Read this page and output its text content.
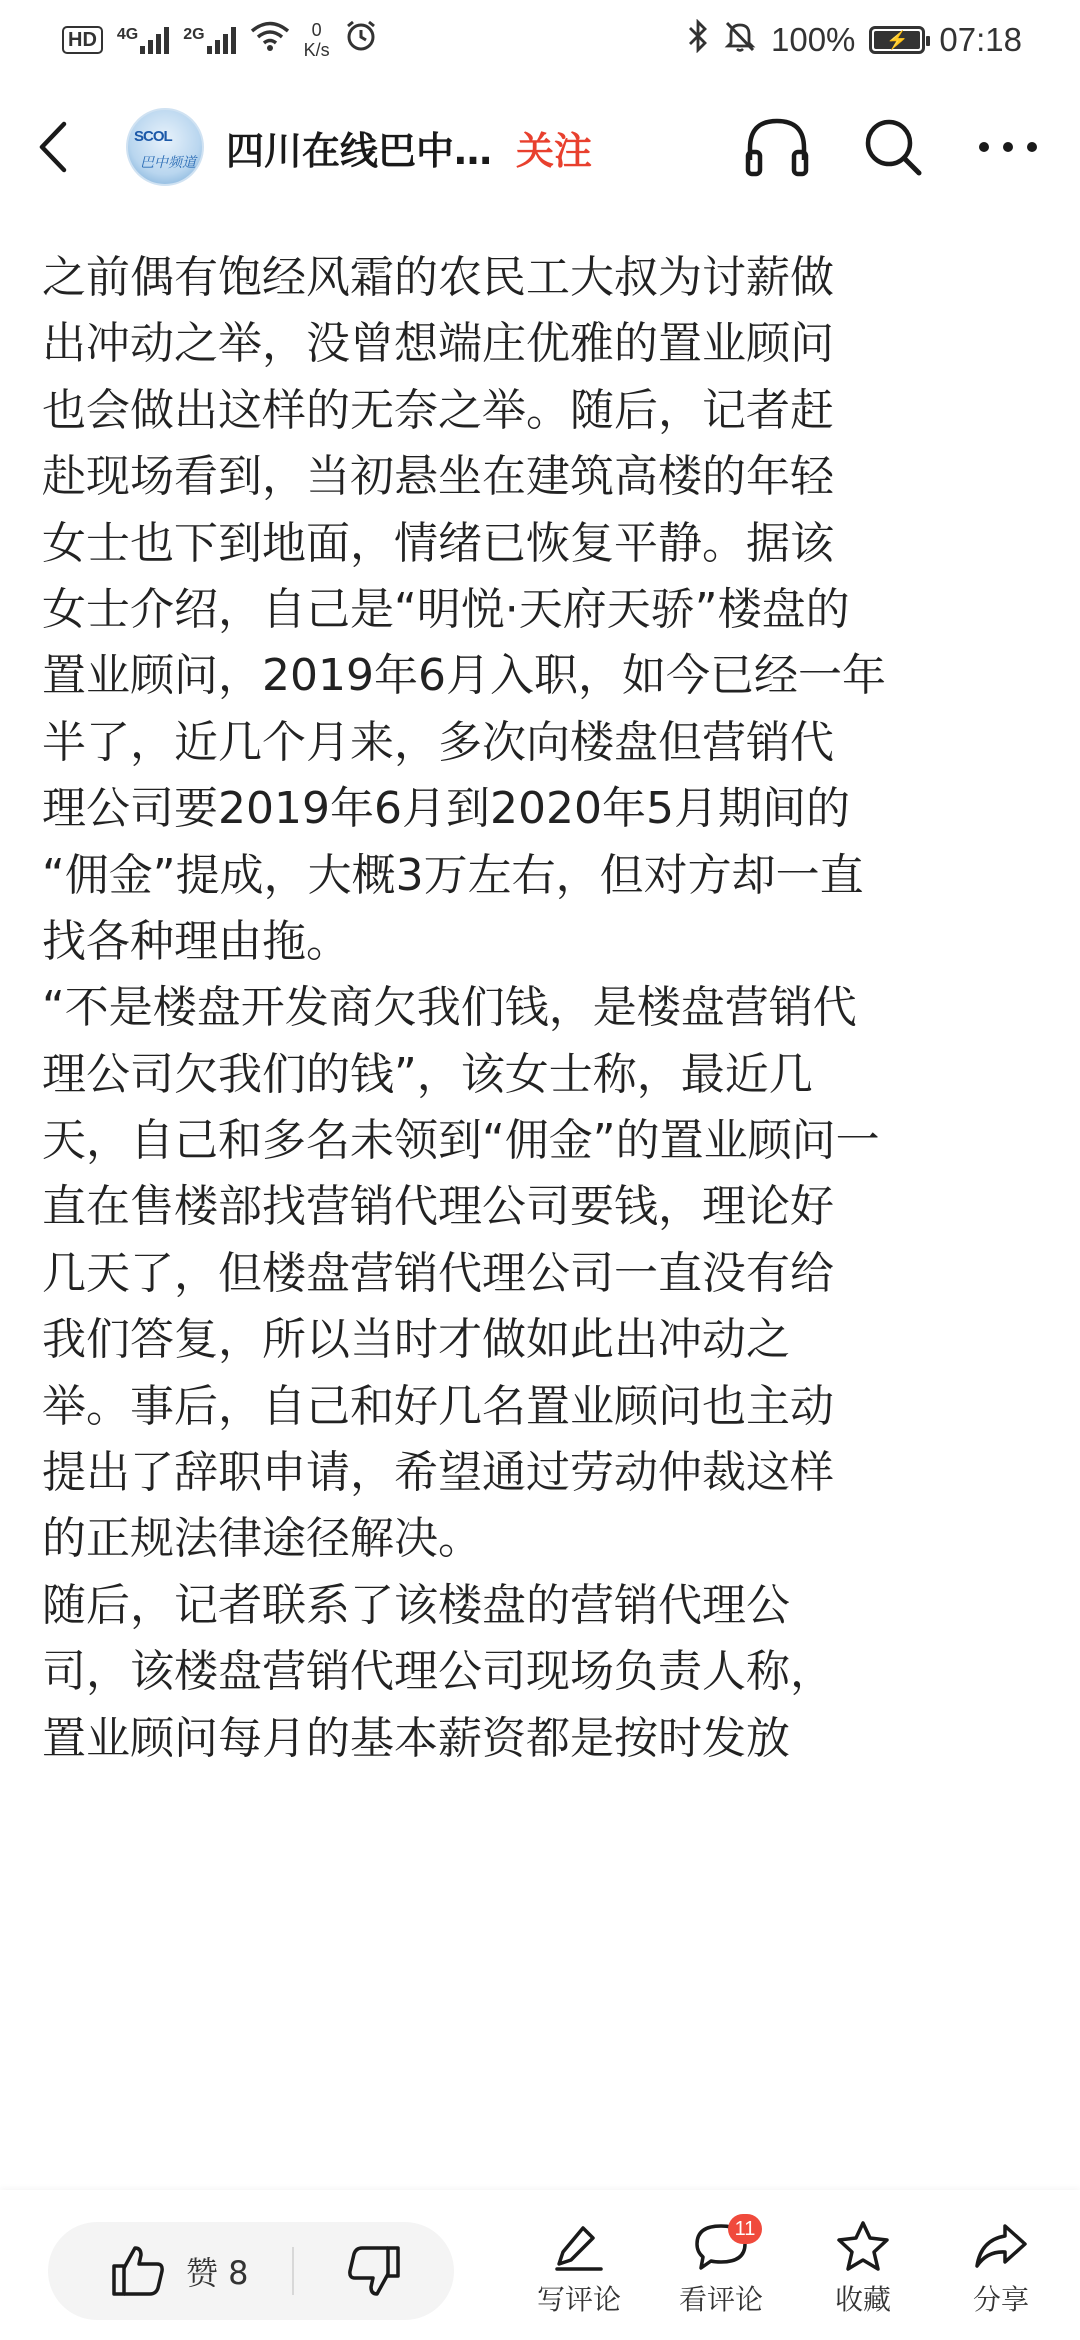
HD	4G	2G	0
K/s	100% ⚡ 07:18
SCOL
巴中频道 四川在线巴中… 关注
之前偶有饱经风霜的农民工大叔为讨薪做
出冲动之举，没曾想端庄优雅的置业顾问
也会做出这样的无奈之举。随后，记者赶
赴现场看到，当初悬坐在建筑高楼的年轻
女士也下到地面，情绪已恢复平静。据该
女士介绍，自己是“明悦·天府天骄”楼盘的
置业顾问，2019年6月入职，如今已经一年
半了，近几个月来，多次向楼盘但营销代
理公司要2019年6月到2020年5月期间的
“佣金”提成，大概3万左右，但对方却一直
找各种理由拖。
“不是楼盘开发商欠我们钱，是楼盘营销代
理公司欠我们的钱”，该女士称，最近几
天，自己和多名未领到“佣金”的置业顾问一
直在售楼部找营销代理公司要钱，理论好
几天了，但楼盘营销代理公司一直没有给
我们答复，所以当时才做如此出冲动之
举。事后，自己和好几名置业顾问也主动
提出了辞职申请，希望通过劳动仲裁这样
的正规法律途径解决。
随后，记者联系了该楼盘的营销代理公
司，该楼盘营销代理公司现场负责人称，
置业顾问每月的基本薪资都是按时发放
赞 8
写评论
11
看评论	收藏	分享
